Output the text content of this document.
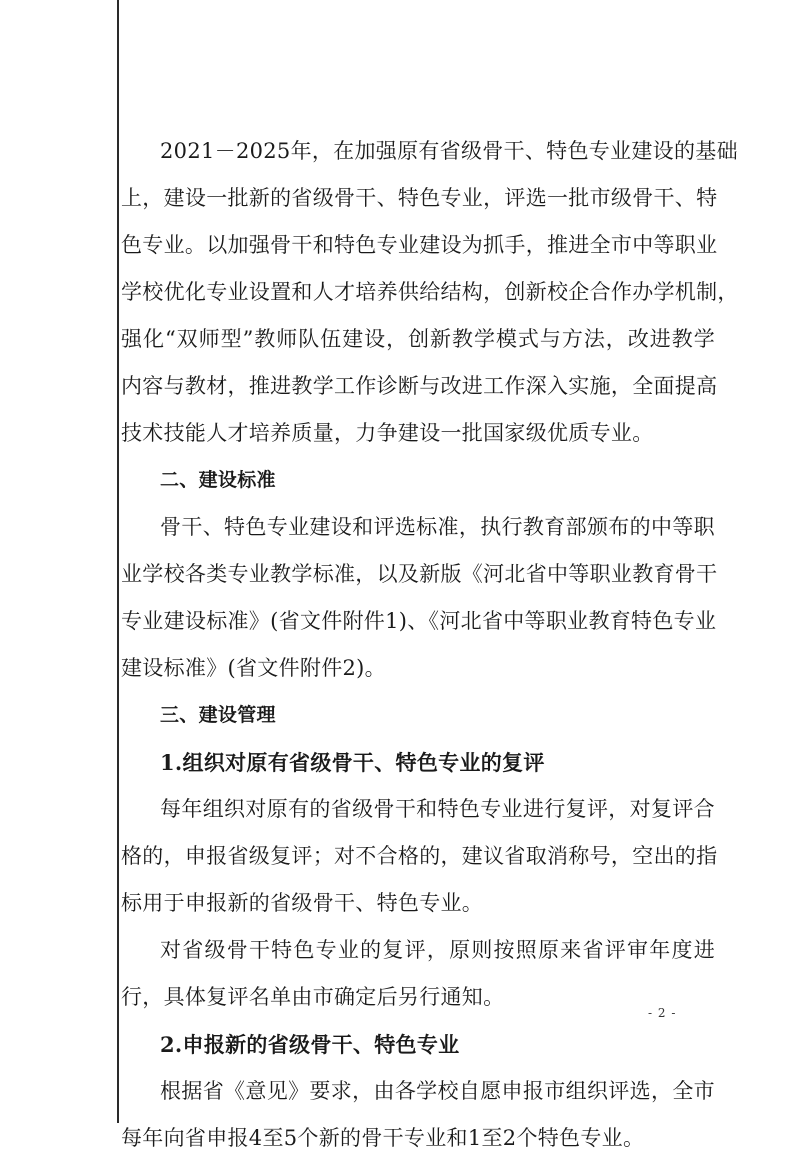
2021－2025年，在加强原有省级骨干、特色专业建设的基础
上，建设一批新的省级骨干、特色专业，评选一批市级骨干、特
色专业。以加强骨干和特色专业建设为抓手，推进全市中等职业
学校优化专业设置和人才培养供给结构，创新校企合作办学机制，
强化“双师型”教师队伍建设，创新教学模式与方法，改进教学
内容与教材，推进教学工作诊断与改进工作深入实施，全面提高
技术技能人才培养质量，力争建设一批国家级优质专业。
二、建设标准
骨干、特色专业建设和评选标准，执行教育部颁布的中等职
业学校各类专业教学标准，以及新版《河北省中等职业教育骨干
专业建设标准》(省文件附件1)、《河北省中等职业教育特色专业
建设标准》(省文件附件2)。
三、建设管理
1.组织对原有省级骨干、特色专业的复评
每年组织对原有的省级骨干和特色专业进行复评，对复评合
格的，申报省级复评；对不合格的，建议省取消称号，空出的指
标用于申报新的省级骨干、特色专业。
对省级骨干特色专业的复评，原则按照原来省评审年度进
行，具体复评名单由市确定后另行通知。
2.申报新的省级骨干、特色专业
根据省《意见》要求，由各学校自愿申报市组织评选，全市
每年向省申报4至5个新的骨干专业和1至2个特色专业。
- 2 -
